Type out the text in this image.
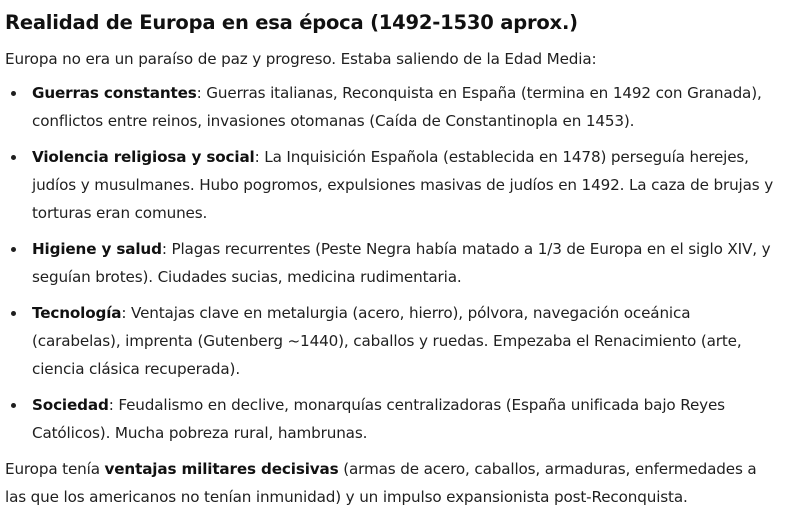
Realidad de Europa en esa época (1492-1530 aprox.)

Europa no era un paraíso de paz y progreso. Estaba saliendo de la Edad Media:

Guerras constantes: Guerras italianas, Reconquista en España (termina en 1492 con Granada), conflictos entre reinos, invasiones otomanas (Caída de Constantinopla en 1453).
Violencia religiosa y social: La Inquisición Española (establecida en 1478) perseguía herejes, judíos y musulmanes. Hubo pogromos, expulsiones masivas de judíos en 1492. La caza de brujas y torturas eran comunes.
Higiene y salud: Plagas recurrentes (Peste Negra había matado a 1/3 de Europa en el siglo XIV, y seguían brotes). Ciudades sucias, medicina rudimentaria.
Tecnología: Ventajas clave en metalurgia (acero, hierro), pólvora, navegación oceánica (carabelas), imprenta (Gutenberg ~1440), caballos y ruedas. Empezaba el Renacimiento (arte, ciencia clásica recuperada).
Sociedad: Feudalismo en declive, monarquías centralizadoras (España unificada bajo Reyes Católicos). Mucha pobreza rural, hambrunas.

Europa tenía ventajas militares decisivas (armas de acero, caballos, armaduras, enfermedades a las que los americanos no tenían inmunidad) y un impulso expansionista post-Reconquista.
